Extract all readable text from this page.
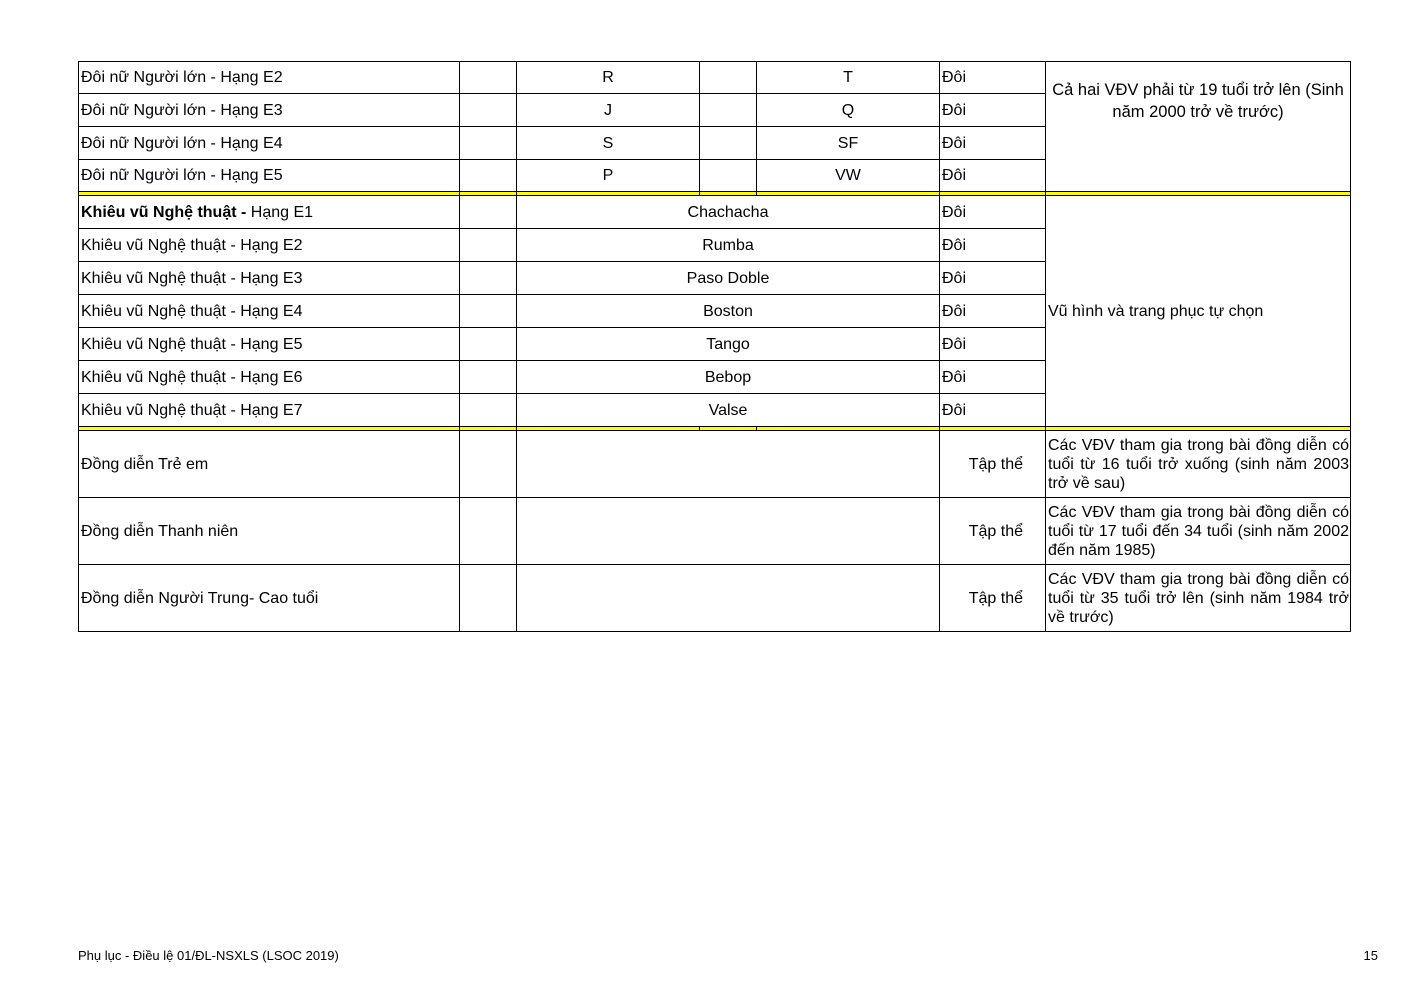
Đôi nữ Người lớn - Hạng E2		R		T	Đôi	Cả hai VĐV phải từ 19 tuổi trở lên (Sinh năm 2000 trở về trước)
Đôi nữ Người lớn - Hạng E3		J		Q	Đôi	
Đôi nữ Người lớn - Hạng E4		S		SF	Đôi	
Đôi nữ Người lớn - Hạng E5		P		VW	Đôi	

Khiêu vũ Nghệ thuật - Hạng E1		Chachacha			Đôi	Vũ hình và trang phục tự chọn
Khiêu vũ Nghệ thuật - Hạng E2		Rumba			Đôi	
Khiêu vũ Nghệ thuật - Hạng E3		Paso Doble			Đôi	
Khiêu vũ Nghệ thuật - Hạng E4		Boston			Đôi	
Khiêu vũ Nghệ thuật - Hạng E5		Tango			Đôi	
Khiêu vũ Nghệ thuật - Hạng E6		Bebop			Đôi	
Khiêu vũ Nghệ thuật - Hạng E7		Valse			Đôi	

Đồng diễn Trẻ em					Tập thể	Các VĐV tham gia trong bài đồng diễn có tuổi từ 16 tuổi trở xuống (sinh năm 2003 trở về sau)
Đồng diễn Thanh niên					Tập thể	Các VĐV tham gia trong bài đồng diễn có tuổi từ 17 tuổi đến 34 tuổi (sinh năm 2002 đến năm 1985)
Đồng diễn Người Trung- Cao tuổi					Tập thể	Các VĐV tham gia trong bài đồng diễn có tuổi từ 35 tuổi trở lên (sinh năm 1984 trở về trước)
Phụ lục - Điều lệ 01/ĐL-NSXLS (LSOC 2019)	15
